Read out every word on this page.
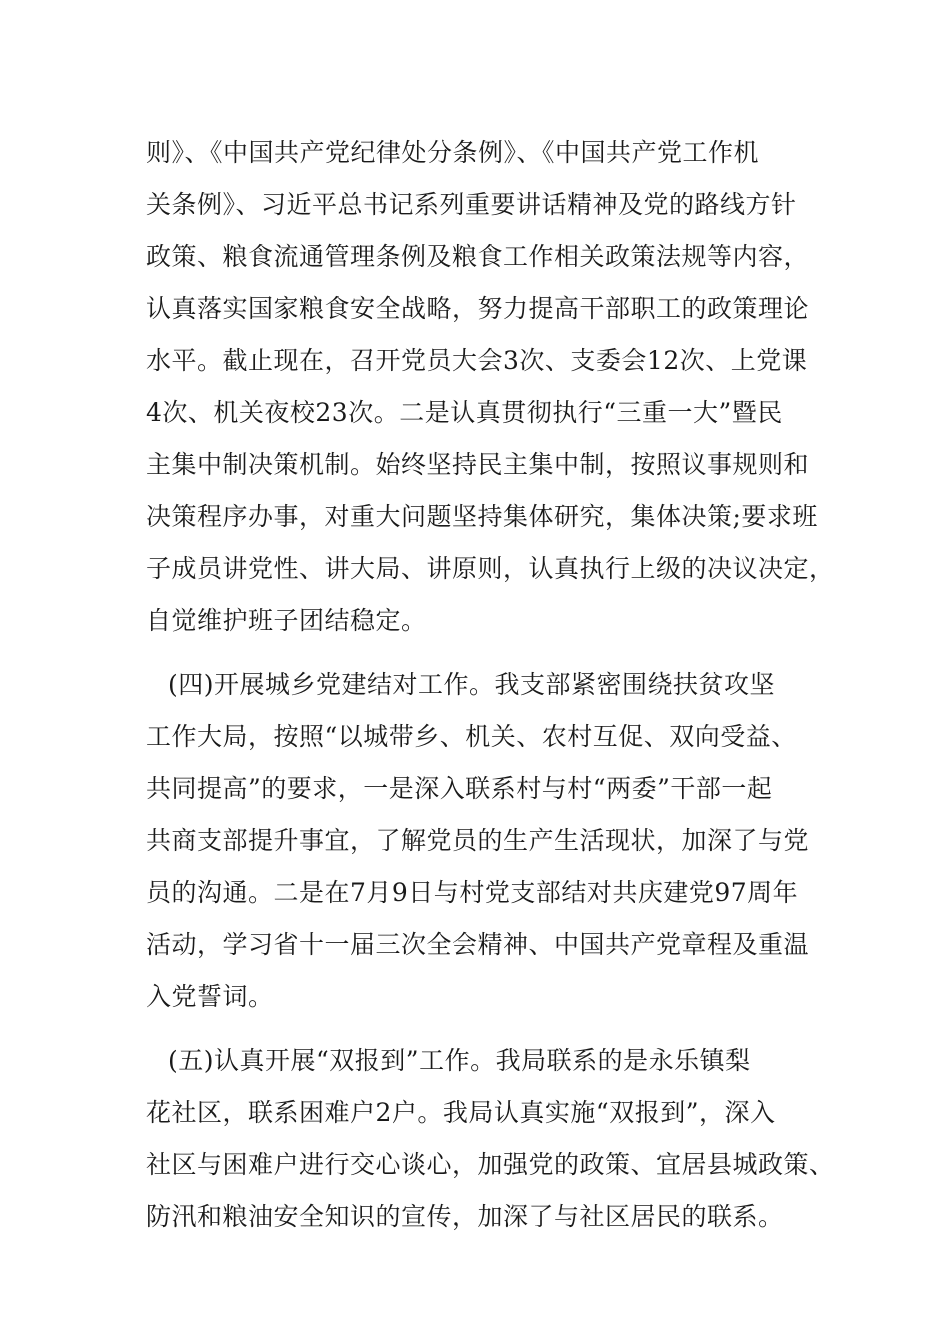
则》、《中国共产党纪律处分条例》、《中国共产党工作机
关条例》、习近平总书记系列重要讲话精神及党的路线方针
政策、粮食流通管理条例及粮食工作相关政策法规等内容，
认真落实国家粮食安全战略，努力提高干部职工的政策理论
水平。截止现在，召开党员大会3次、支委会12次、上党课
4次、机关夜校23次。二是认真贯彻执行“三重一大”暨民
主集中制决策机制。始终坚持民主集中制，按照议事规则和
决策程序办事，对重大问题坚持集体研究，集体决策;要求班
子成员讲党性、讲大局、讲原则，认真执行上级的决议决定，
自觉维护班子团结稳定。
(四)开展城乡党建结对工作。我支部紧密围绕扶贫攻坚
工作大局，按照“以城带乡、机关、农村互促、双向受益、
共同提高”的要求，一是深入联系村与村“两委”干部一起
共商支部提升事宜，了解党员的生产生活现状，加深了与党
员的沟通。二是在7月9日与村党支部结对共庆建党97周年
活动，学习省十一届三次全会精神、中国共产党章程及重温
入党誓词。
(五)认真开展“双报到”工作。我局联系的是永乐镇梨
花社区，联系困难户2户。我局认真实施“双报到”，深入
社区与困难户进行交心谈心，加强党的政策、宜居县城政策、
防汛和粮油安全知识的宣传，加深了与社区居民的联系。
